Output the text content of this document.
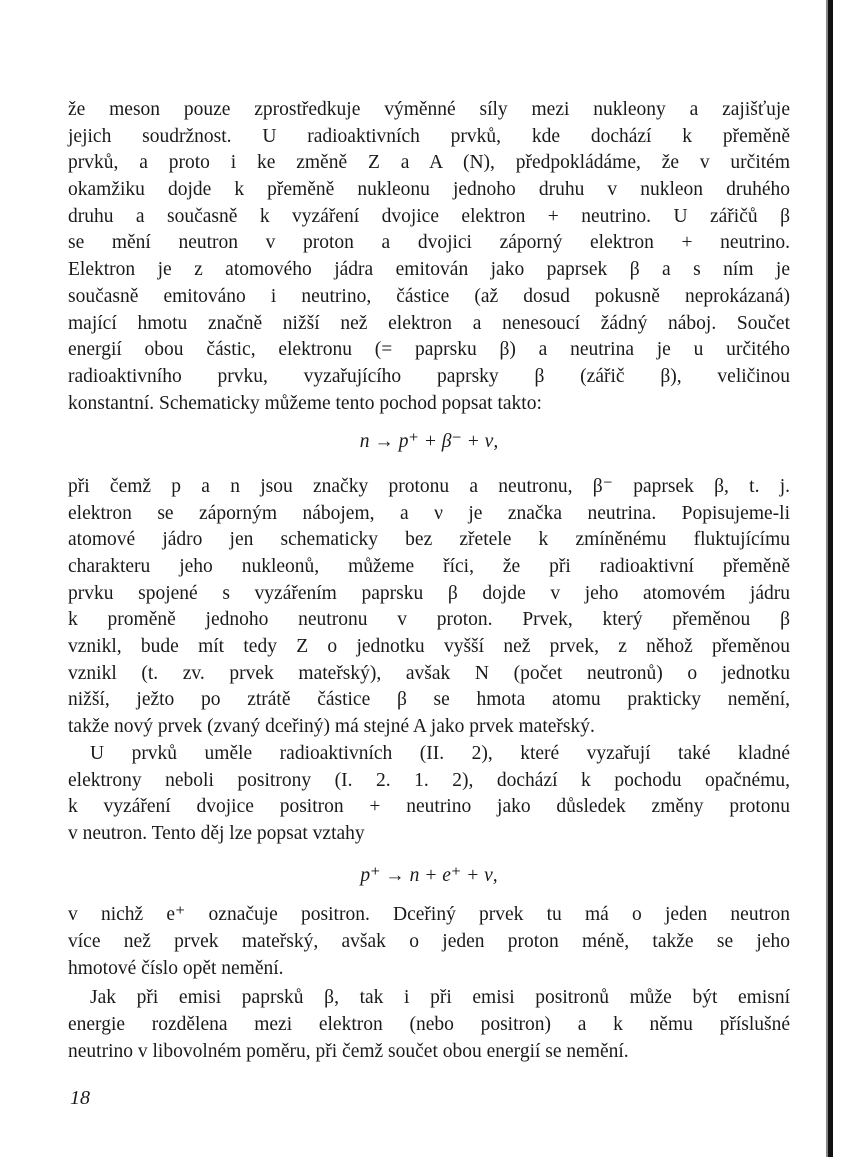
že meson pouze zprostředkuje výměnné síly mezi nukleony a zajišťuje
jejich soudržnost. U radioaktivních prvků, kde dochází k přeměně
prvků, a proto i ke změně Z a A (N), předpokládáme, že v určitém
okamžiku dojde k přeměně nukleonu jednoho druhu v nukleon druhého
druhu a současně k vyzáření dvojice elektron + neutrino. U zářičů β
se mění neutron v proton a dvojici záporný elektron + neutrino.
Elektron je z atomového jádra emitován jako paprsek β a s ním je
současně emitováno i neutrino, částice (až dosud pokusně neprokázaná)
mající hmotu značně nižší než elektron a nenesoucí žádný náboj. Součet
energií obou částic, elektronu (= paprsku β) a neutrina je u určitého
radioaktivního prvku, vyzařujícího paprsky β (zářič β), veličinou
konstantní. Schematicky můžeme tento pochod popsat takto:
n → p⁺ + β⁻ + ν,
při čemž p a n jsou značky protonu a neutronu, β⁻ paprsek β, t. j.
elektron se záporným nábojem, a ν je značka neutrina. Popisujeme-li
atomové jádro jen schematicky bez zřetele k zmíněnému fluktujícímu
charakteru jeho nukleonů, můžeme říci, že při radioaktivní přeměně
prvku spojené s vyzářením paprsku β dojde v jeho atomovém jádru
k proměně jednoho neutronu v proton. Prvek, který přeměnou β
vznikl, bude mít tedy Z o jednotku vyšší než prvek, z něhož přeměnou
vznikl (t. zv. prvek mateřský), avšak N (počet neutronů) o jednotku
nižší, ježto po ztrátě částice β se hmota atomu prakticky nemění,
takže nový prvek (zvaný dceřiný) má stejné A jako prvek mateřský.
U prvků uměle radioaktivních (II. 2), které vyzařují také kladné
elektrony neboli positrony (I. 2. 1. 2), dochází k pochodu opačnému,
k vyzáření dvojice positron + neutrino jako důsledek změny protonu
v neutron. Tento děj lze popsat vztahy
p⁺ → n + e⁺ + ν,
v nichž e⁺ označuje positron. Dceřiný prvek tu má o jeden neutron
více než prvek mateřský, avšak o jeden proton méně, takže se jeho
hmotové číslo opět nemění.
Jak při emisi paprsků β, tak i při emisi positronů může být emisní
energie rozdělena mezi elektron (nebo positron) a k němu příslušné
neutrino v libovolném poměru, při čemž součet obou energií se nemění.
18
